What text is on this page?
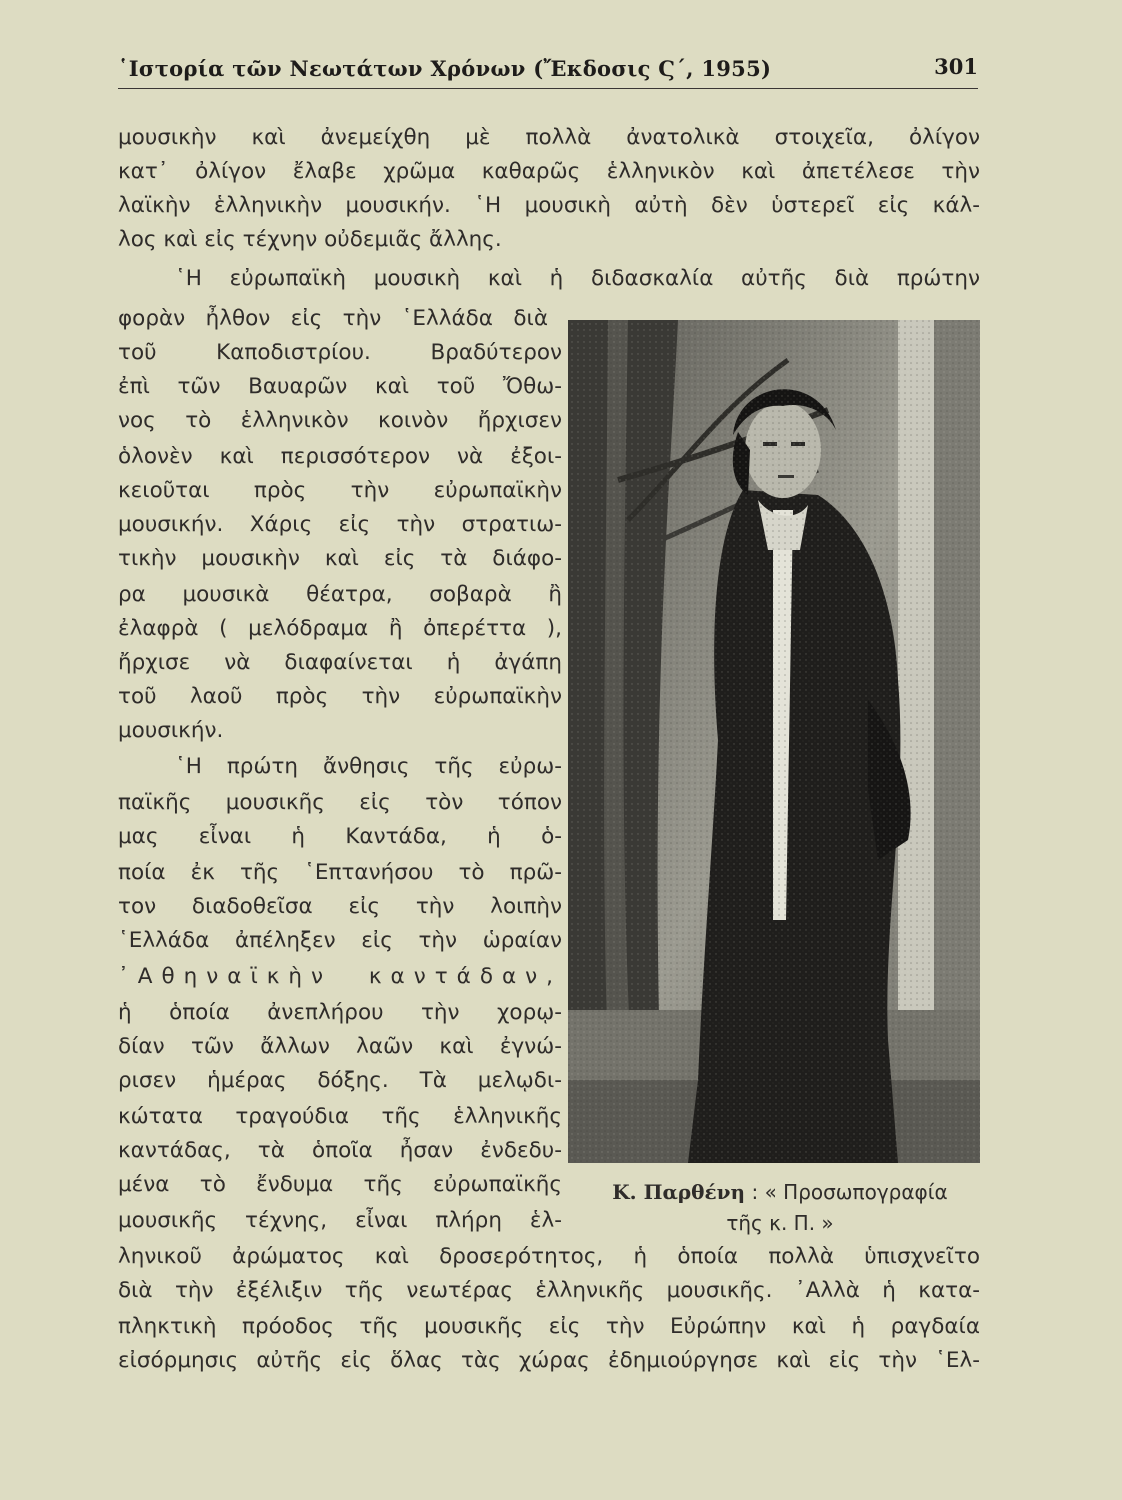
῾Ιστορία τῶν Νεωτάτων Χρόνων (Ἔκδοσις Ϛ΄, 1955)	301
μουσικὴν καὶ ἀνεμείχθη μὲ πολλὰ ἀνατολικὰ στοιχεῖα, ὀλίγον
κατ᾽ ὀλίγον ἔλαβε χρῶμα καθαρῶς ἑλληνικὸν καὶ ἀπετέλεσε τὴν
λαϊκὴν ἑλληνικὴν μουσικήν. ῾Η μουσικὴ αὐτὴ δὲν ὑστερεῖ εἰς κάλ-
λος καὶ εἰς τέχνην οὐδεμιᾶς ἄλλης.
῾Η εὐρωπαϊκὴ μουσικὴ καὶ ἡ διδασκαλία αὐτῆς διὰ πρώτην
φορὰν ἦλθον εἰς τὴν ῾Ελλάδα διὰ
τοῦ Καποδιστρίου. Βραδύτερον
ἐπὶ τῶν Βαυαρῶν καὶ τοῦ Ὄθω-
νος τὸ ἑλληνικὸν κοινὸν ἤρχισεν
ὁλονὲν καὶ περισσότερον νὰ ἐξοι-
κειοῦται πρὸς τὴν εὐρωπαϊκὴν
μουσικήν. Χάρις εἰς τὴν στρατιω-
τικὴν μουσικὴν καὶ εἰς τὰ διάφο-
ρα μουσικὰ θέατρα, σοβαρὰ ἢ
ἐλαφρὰ ( μελόδραμα ἢ ὀπερέττα ),
ἤρχισε νὰ διαφαίνεται ἡ ἀγάπη
τοῦ λαοῦ πρὸς τὴν εὐρωπαϊκὴν
μουσικήν.
῾Η πρώτη ἄνθησις τῆς εὐρω-
παϊκῆς μουσικῆς εἰς τὸν τόπον
μας εἶναι ἡ Καντάδα, ἡ ὁ-
ποία ἐκ τῆς ῾Επτανήσου τὸ πρῶ-
τον διαδοθεῖσα εἰς τὴν λοιπὴν
῾Ελλάδα ἀπέληξεν εἰς τὴν ὡραίαν
᾽Αθηναϊκὴν καντάδαν,
ἡ ὁποία ἀνεπλήρου τὴν χορῳ-
δίαν τῶν ἄλλων λαῶν καὶ ἐγνώ-
ρισεν ἡμέρας δόξης. Τὰ μελῳδι-
κώτατα τραγούδια τῆς ἑλληνικῆς
καντάδας, τὰ ὁποῖα ἦσαν ἐνδεδυ-
μένα τὸ ἔνδυμα τῆς εὐρωπαϊκῆς
μουσικῆς τέχνης, εἶναι πλήρη ἑλ-
ληνικοῦ ἀρώματος καὶ δροσερότητος, ἡ ὁποία πολλὰ ὑπισχνεῖτο
διὰ τὴν ἐξέλιξιν τῆς νεωτέρας ἑλληνικῆς μουσικῆς. ᾽Αλλὰ ἡ κατα-
πληκτικὴ πρόοδος τῆς μουσικῆς εἰς τὴν Εὐρώπην καὶ ἡ ραγδαία
εἰσόρμησις αὐτῆς εἰς ὅλας τὰς χώρας ἐδημιούργησε καὶ εἰς τὴν ῾Ελ-
Κ. Παρθένη : « Προσωπογραφία
τῆς κ. Π. »
